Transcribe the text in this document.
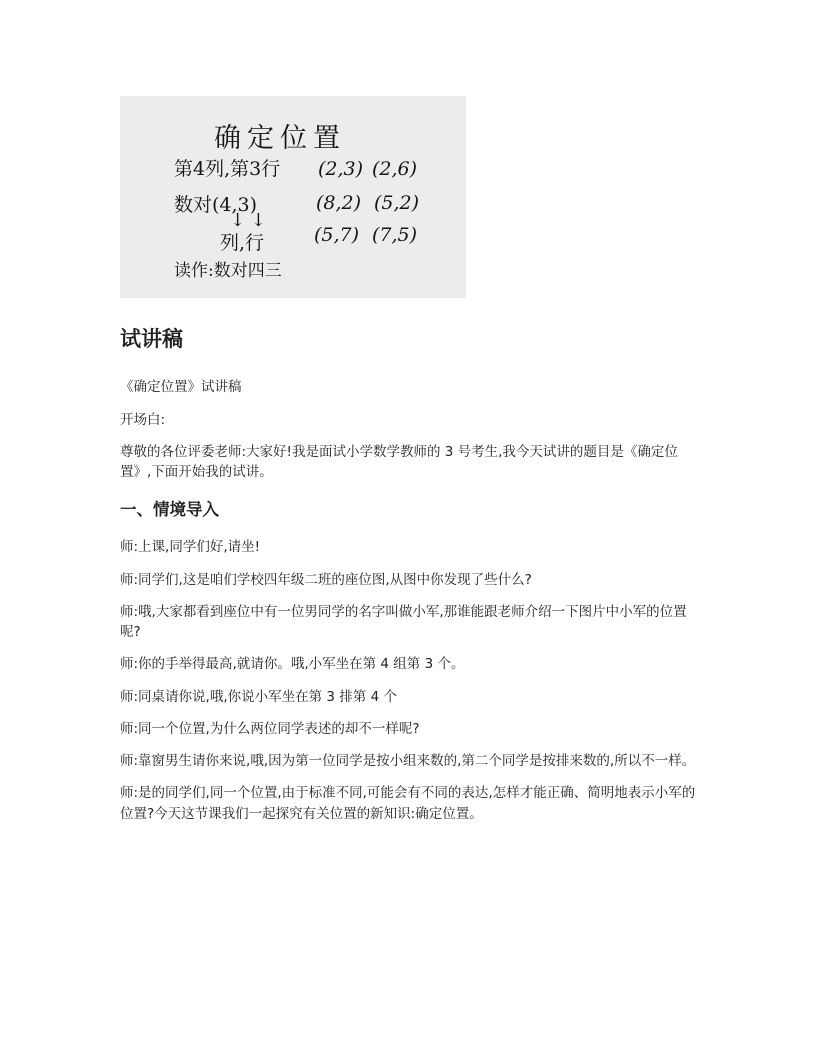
确定位置
第4列,第3行
数对(4,3)
↓ ↓
列,行
读作:数对四三
(2,3) (2,6)
(8,2) (5,2)
(5,7) (7,5)
试讲稿

《确定位置》试讲稿

开场白:

尊敬的各位评委老师:大家好!我是面试小学数学教师的 3 号考生,我今天试讲的题目是《确定位置》,下面开始我的试讲。

一、情境导入

师:上课,同学们好,请坐!

师:同学们,这是咱们学校四年级二班的座位图,从图中你发现了些什么?

师:哦,大家都看到座位中有一位男同学的名字叫做小军,那谁能跟老师介绍一下图片中小军的位置呢?

师:你的手举得最高,就请你。哦,小军坐在第 4 组第 3 个。

师:同桌请你说,哦,你说小军坐在第 3 排第 4 个

师:同一个位置,为什么两位同学表述的却不一样呢?

师:靠窗男生请你来说,哦,因为第一位同学是按小组来数的,第二个同学是按排来数的,所以不一样。

师:是的同学们,同一个位置,由于标准不同,可能会有不同的表达,怎样才能正确、简明地表示小军的位置?今天这节课我们一起探究有关位置的新知识:确定位置。
